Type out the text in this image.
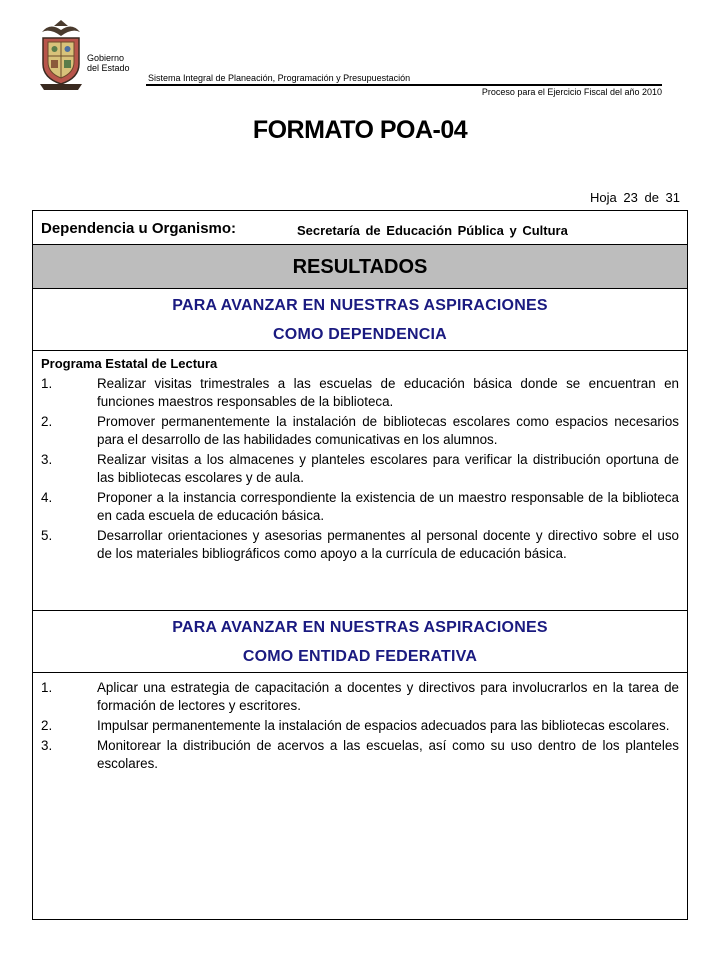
Gobierno
del Estado
Sistema Integral de Planeación, Programación y Presupuestación
Proceso para el Ejercicio Fiscal del año 2010
FORMATO POA-04
Hoja 23 de 31
Dependencia u Organismo:	Secretaría de Educación Pública y Cultura
RESULTADOS
PARA AVANZAR EN NUESTRAS ASPIRACIONES
COMO DEPENDENCIA
Programa Estatal de Lectura
1.	Realizar visitas trimestrales a las escuelas de educación básica donde se encuentran en funciones maestros responsables de la biblioteca.
2.	Promover permanentemente la instalación de bibliotecas escolares como espacios necesarios para el desarrollo de las habilidades comunicativas en los alumnos.
3.	Realizar visitas a los almacenes y planteles escolares para verificar la distribución oportuna de las bibliotecas escolares y de aula.
4.	Proponer a la instancia correspondiente la existencia de un maestro responsable de la biblioteca en cada escuela de educación básica.
5.	Desarrollar orientaciones y asesorias permanentes al personal docente y directivo sobre el uso de los materiales bibliográficos como apoyo a la currícula de educación básica.
PARA AVANZAR EN NUESTRAS ASPIRACIONES
COMO ENTIDAD FEDERATIVA
1.	Aplicar una estrategia de capacitación a docentes y directivos para involucrarlos en la tarea de formación de lectores y escritores.
2.	Impulsar permanentemente la instalación de espacios adecuados para las bibliotecas escolares.
3.	Monitorear la distribución de acervos a las escuelas, así como su uso dentro de los planteles escolares.
